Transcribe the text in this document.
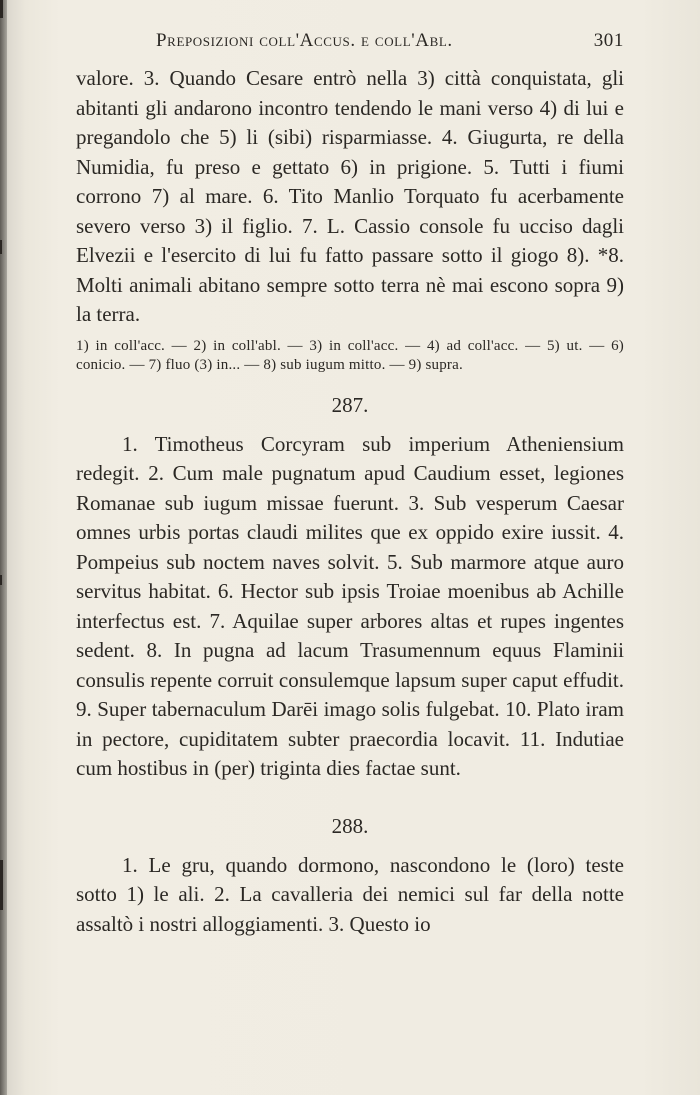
Preposizioni coll'Accus. e coll'Abl.	301

valore. 3. Quando Cesare entrò nella 3) città conquistata, gli abitanti gli andarono incontro tendendo le mani verso 4) di lui e pregandolo che 5) li (sibi) risparmiasse. 4. Giugurta, re della Numidia, fu preso e gettato 6) in prigione. 5. Tutti i fiumi corrono 7) al mare. 6. Tito Manlio Torquato fu acerbamente severo verso 3) il figlio. 7. L. Cassio console fu ucciso dagli Elvezii e l'esercito di lui fu fatto passare sotto il giogo 8). *8. Molti animali abitano sempre sotto terra nè mai escono sopra 9) la terra.

1) in coll'acc. — 2) in coll'abl. — 3) in coll'acc. — 4) ad coll'acc. — 5) ut. — 6) conicio. — 7) fluo (3) in... — 8) sub iugum mitto. — 9) supra.

287.

1. Timotheus Corcyram sub imperium Atheniensium redegit. 2. Cum male pugnatum apud Caudium esset, legiones Romanae sub iugum missae fuerunt. 3. Sub vesperum Caesar omnes urbis portas claudi milites que ex oppido exire iussit. 4. Pompeius sub noctem naves solvit. 5. Sub marmore atque auro servitus habitat. 6. Hector sub ipsis Troiae moenibus ab Achille interfectus est. 7. Aquilae super arbores altas et rupes ingentes sedent. 8. In pugna ad lacum Trasumennum equus Flaminii consulis repente corruit consulemque lapsum super caput effudit. 9. Super tabernaculum Darēi imago solis fulgebat. 10. Plato iram in pectore, cupiditatem subter praecordia locavit. 11. Indutiae cum hostibus in (per) triginta dies factae sunt.

288.

1. Le gru, quando dormono, nascondono le (loro) teste sotto 1) le ali. 2. La cavalleria dei nemici sul far della notte assaltò i nostri alloggiamenti. 3. Questo io
